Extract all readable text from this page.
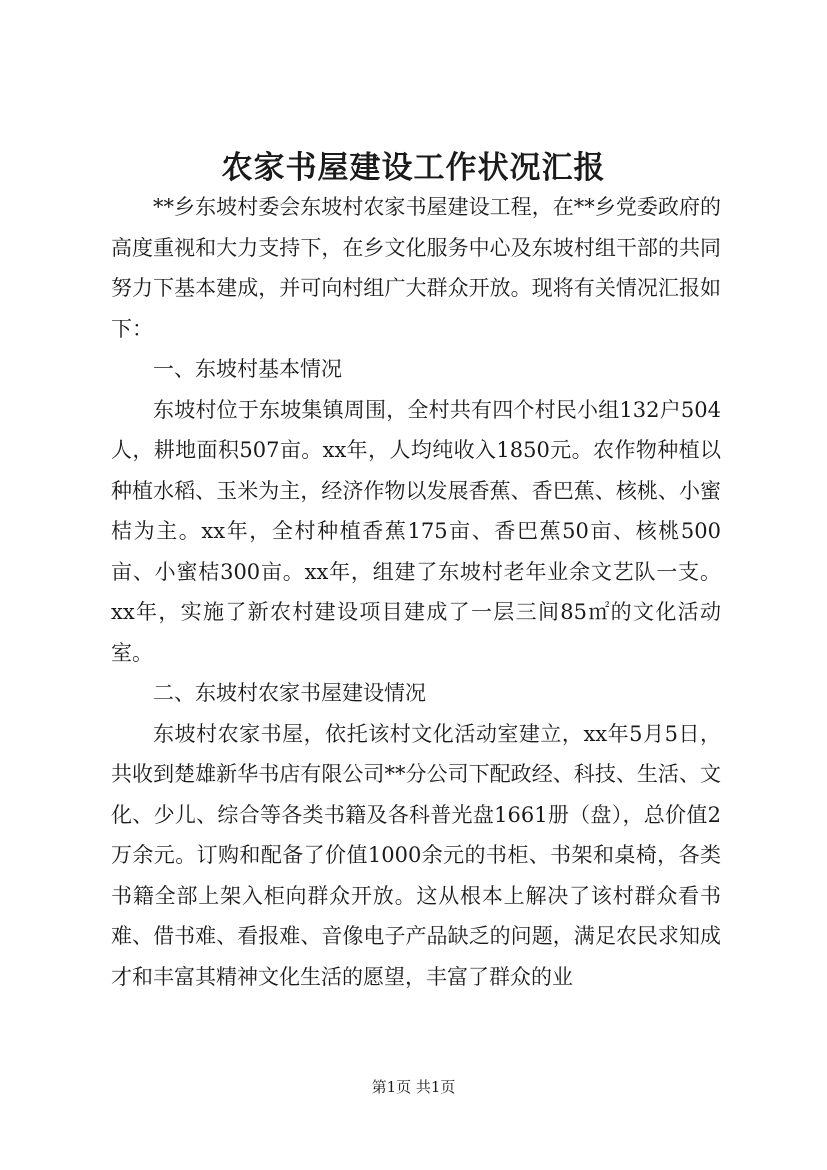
农家书屋建设工作状况汇报

**乡东坡村委会东坡村农家书屋建设工程，在**乡党委政府的高度重视和大力支持下，在乡文化服务中心及东坡村组干部的共同努力下基本建成，并可向村组广大群众开放。现将有关情况汇报如下：

一、东坡村基本情况

东坡村位于东坡集镇周围，全村共有四个村民小组132户504人，耕地面积507亩。xx年，人均纯收入1850元。农作物种植以种植水稻、玉米为主，经济作物以发展香蕉、香巴蕉、核桃、小蜜桔为主。xx年，全村种植香蕉175亩、香巴蕉50亩、核桃500亩、小蜜桔300亩。xx年，组建了东坡村老年业余文艺队一支。xx年，实施了新农村建设项目建成了一层三间85㎡的文化活动室。

二、东坡村农家书屋建设情况

东坡村农家书屋，依托该村文化活动室建立，xx年5月5日，共收到楚雄新华书店有限公司**分公司下配政经、科技、生活、文化、少儿、综合等各类书籍及各科普光盘1661册（盘），总价值2万余元。订购和配备了价值1000余元的书柜、书架和桌椅，各类书籍全部上架入柜向群众开放。这从根本上解决了该村群众看书难、借书难、看报难、音像电子产品缺乏的问题，满足农民求知成才和丰富其精神文化生活的愿望，丰富了群众的业

第1页 共1页
